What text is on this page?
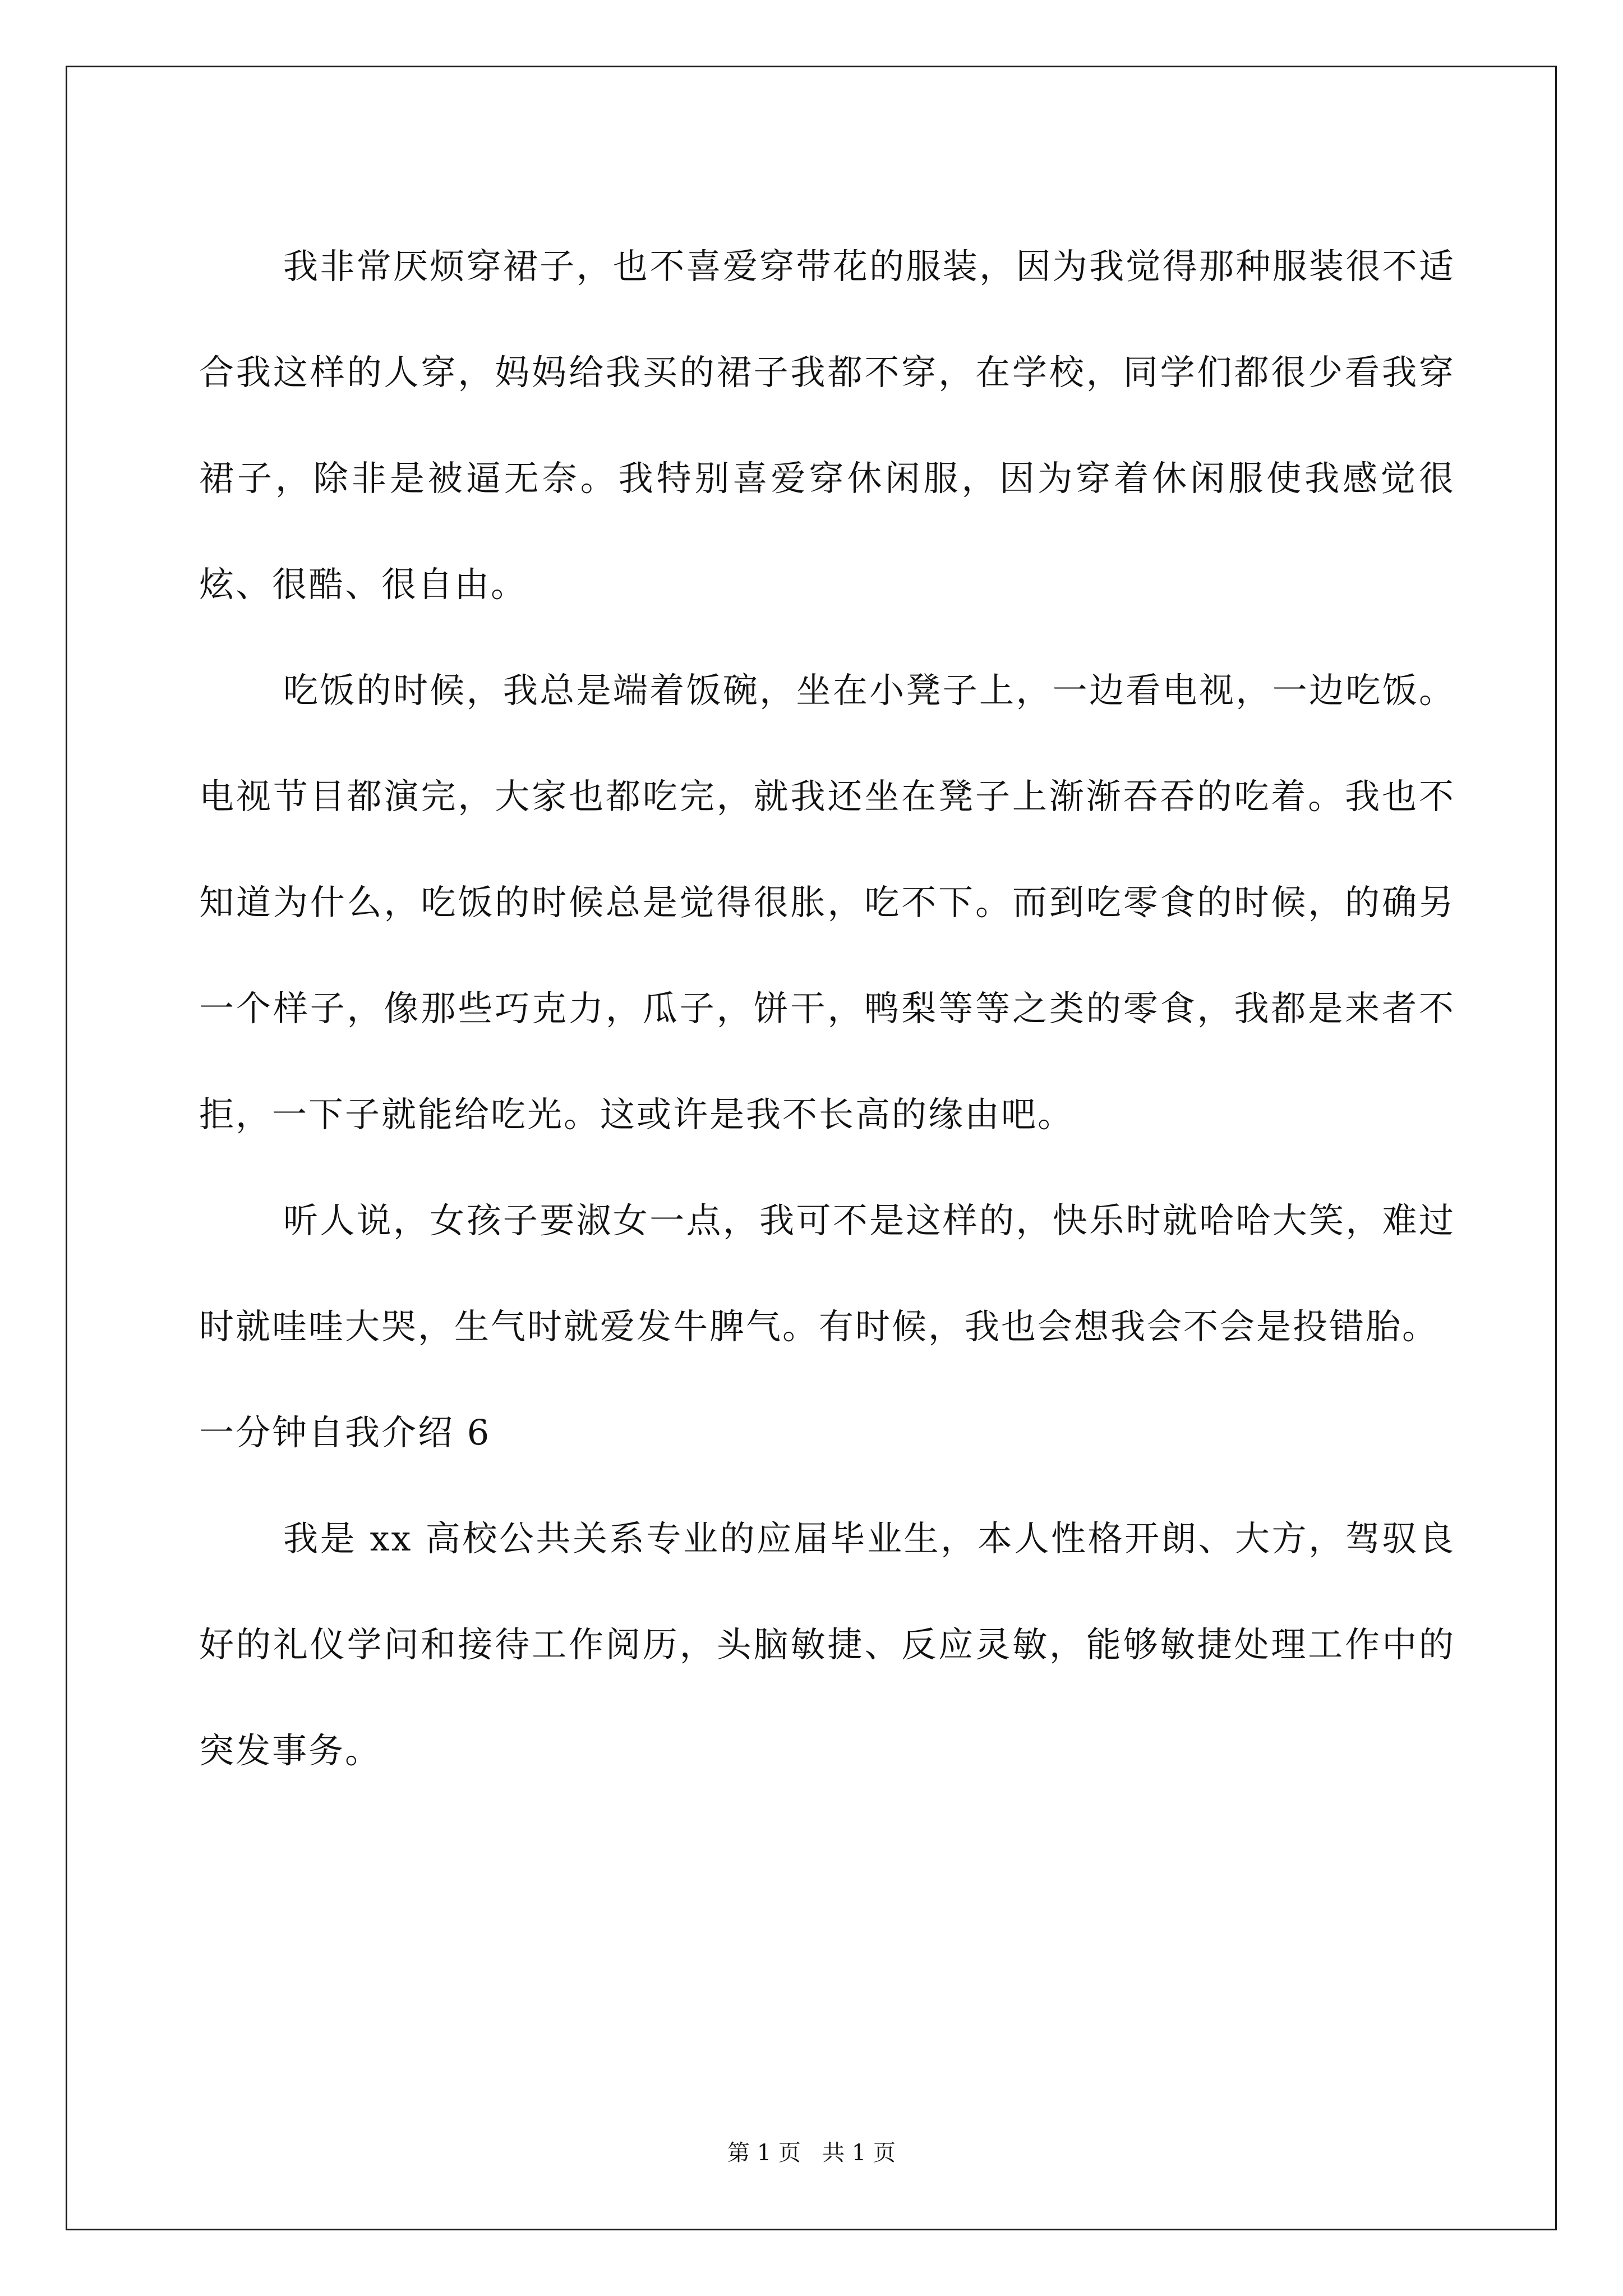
我非常厌烦穿裙子，也不喜爱穿带花的服装，因为我觉得那种服装很不适合我这样的人穿，妈妈给我买的裙子我都不穿，在学校，同学们都很少看我穿裙子，除非是被逼无奈。我特别喜爱穿休闲服，因为穿着休闲服使我感觉很炫、很酷、很自由。

吃饭的时候，我总是端着饭碗，坐在小凳子上，一边看电视，一边吃饭。电视节目都演完，大家也都吃完，就我还坐在凳子上渐渐吞吞的吃着。我也不知道为什么，吃饭的时候总是觉得很胀，吃不下。而到吃零食的时候，的确另一个样子，像那些巧克力，瓜子，饼干，鸭梨等等之类的零食，我都是来者不拒，一下子就能给吃光。这或许是我不长高的缘由吧。

听人说，女孩子要淑女一点，我可不是这样的，快乐时就哈哈大笑，难过时就哇哇大哭，生气时就爱发牛脾气。有时候，我也会想我会不会是投错胎。

一分钟自我介绍 6

我是 xx 高校公共关系专业的应届毕业生，本人性格开朗、大方，驾驭良好的礼仪学问和接待工作阅历，头脑敏捷、反应灵敏，能够敏捷处理工作中的突发事务。

第 1 页   共 1 页
